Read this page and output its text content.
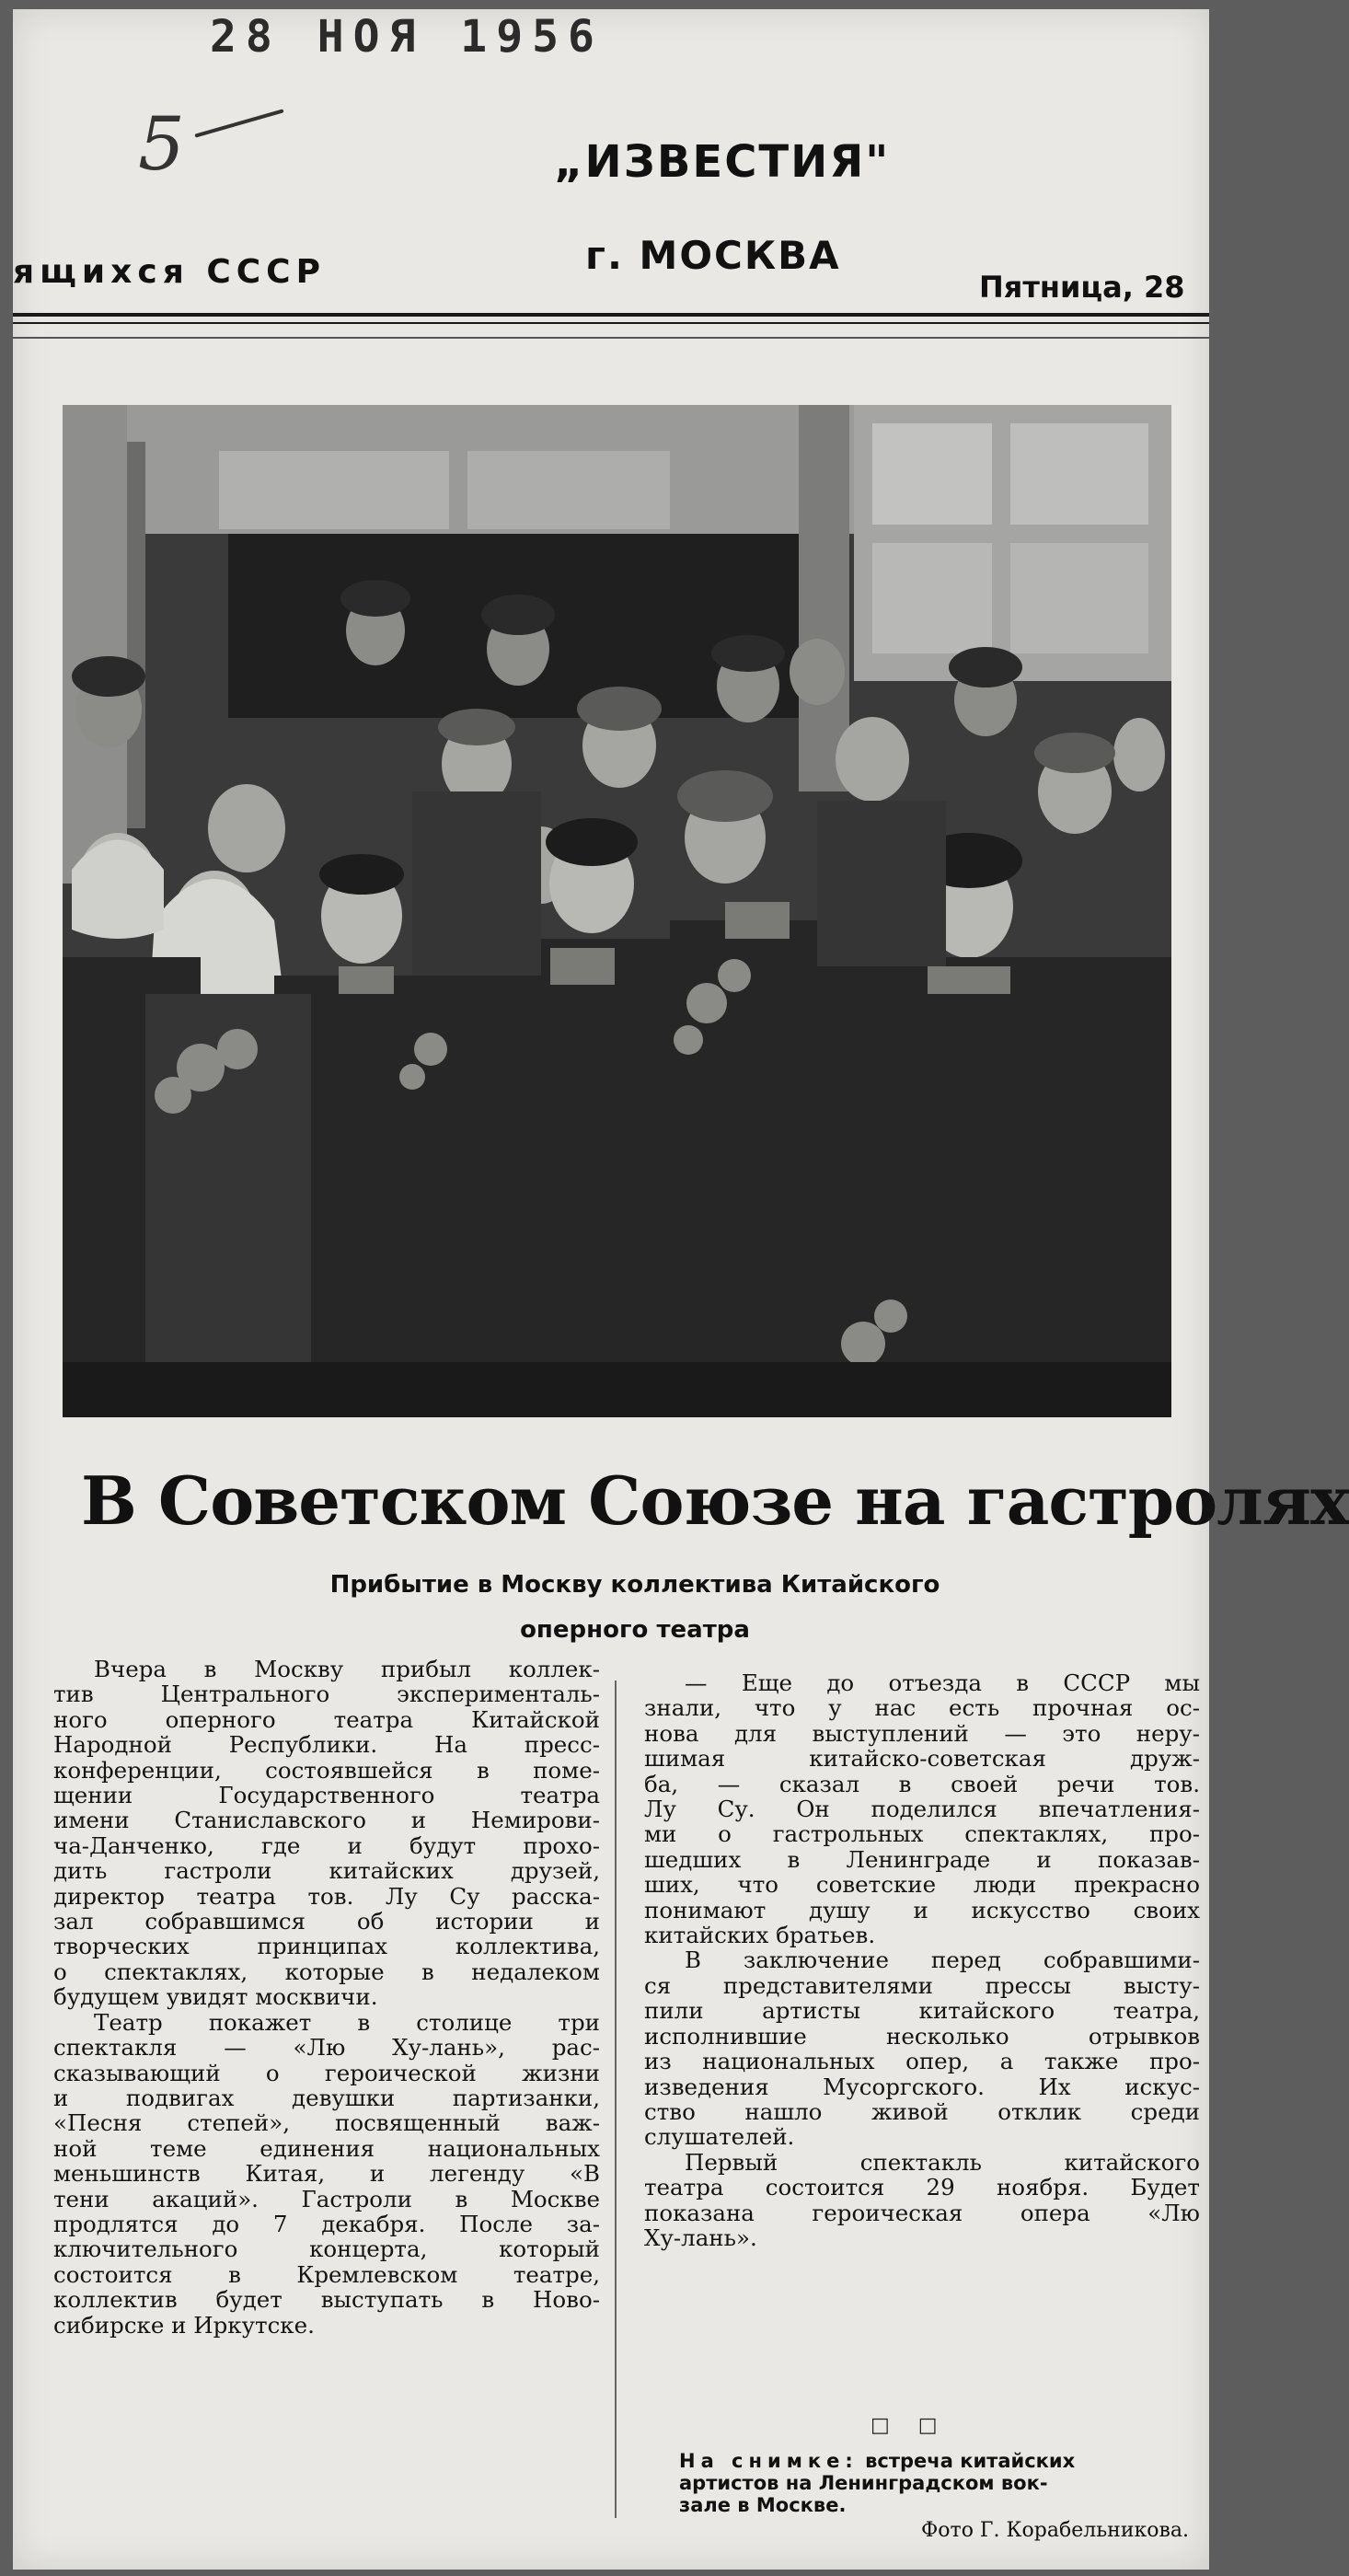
28 НОЯ 1956
5	„ИЗВЕСТИЯ"
ящихся СССР	г. МОСКВА
Пятница, 28
В Советском Союзе на гастролях
Прибытие в Москву коллектива Китайского
оперного театра

Вчера в Москву прибыл коллек-
тив Центрального эксперименталь-
ного оперного театра Китайской
Народной Республики. На пресс-
конференции, состоявшейся в поме-
щении Государственного театра
имени Станиславского и Немирови-
ча-Данченко, где и будут прохо-
дить гастроли китайских друзей,
директор театра тов. Лу Су расска-
зал собравшимся об истории и
творческих принципах коллектива,
о спектаклях, которые в недалеком
будущем увидят москвичи.

Театр покажет в столице три
спектакля — «Лю Ху-лань», рас-
сказывающий о героической жизни
и подвигах девушки партизанки,
«Песня степей», посвященный важ-
ной теме единения национальных
меньшинств Китая, и легенду «В
тени акаций». Гастроли в Москве
продлятся до 7 декабря. После за-
ключительного концерта, который
состоится в Кремлевском театре,
коллектив будет выступать в Ново-
сибирске и Иркутске.

— Еще до отъезда в СССР мы
знали, что у нас есть прочная ос-
нова для выступлений — это неру-
шимая китайско-советская друж-
ба, — сказал в своей речи тов.
Лу Су. Он поделился впечатления-
ми о гастрольных спектаклях, про-
шедших в Ленинграде и показав-
ших, что советские люди прекрасно
понимают душу и искусство своих
китайских братьев.

В заключение перед собравшими-
ся представителями прессы высту-
пили артисты китайского театра,
исполнившие несколько отрывков
из национальных опер, а также про-
изведения Мусоргского. Их искус-
ство нашло живой отклик среди
слушателей.

Первый спектакль китайского
театра состоится 29 ноября. Будет
показана героическая опера «Лю
Ху-лань».

□ □
На снимке: встреча китайских
артистов на Ленинградском вок-
зале в Москве.
Фото Г. Корабельникова.
